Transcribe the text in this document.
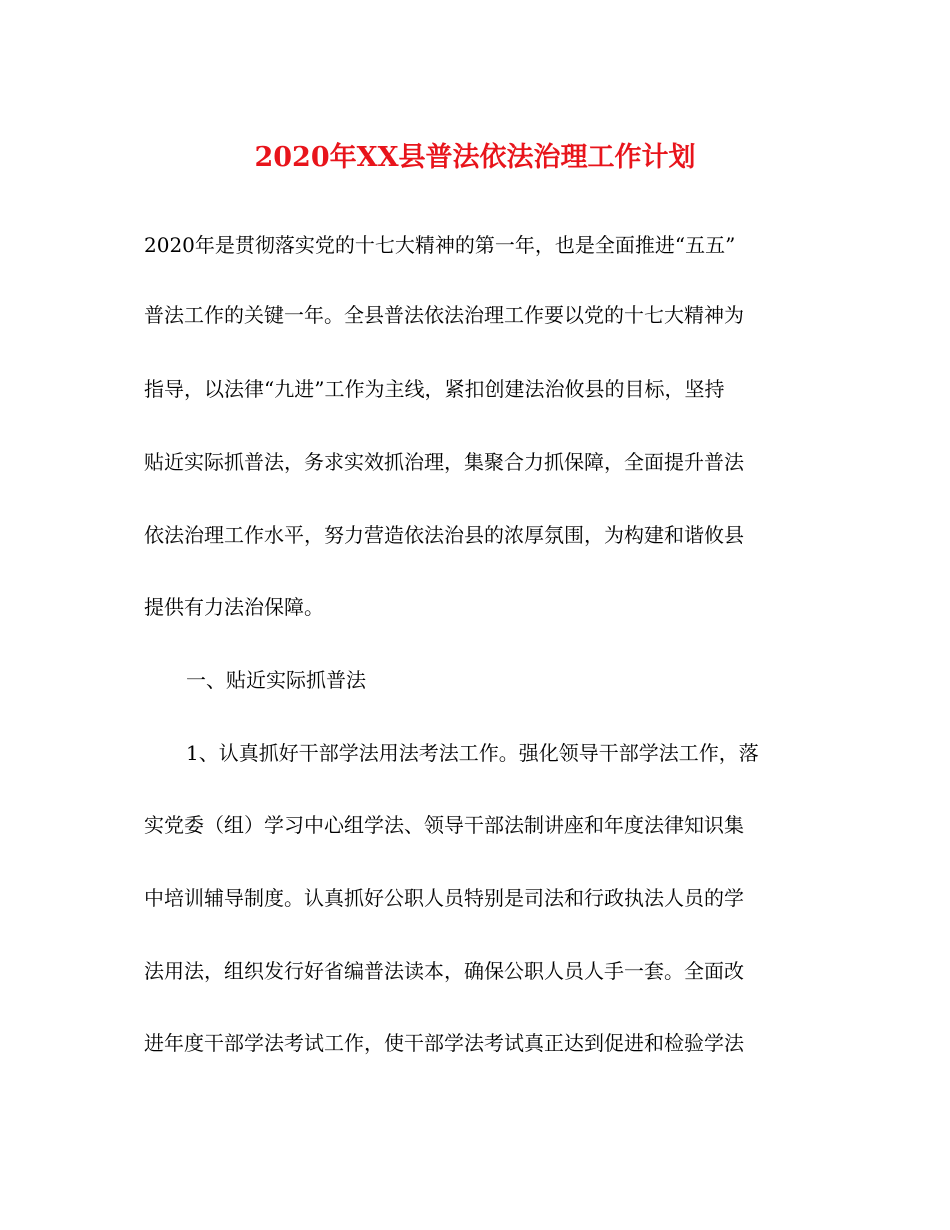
2020年XX县普法依法治理工作计划
2020年是贯彻落实党的十七大精神的第一年，也是全面推进“五五”
普法工作的关键一年。全县普法依法治理工作要以党的十七大精神为
指导，以法律“九进”工作为主线，紧扣创建法治攸县的目标，坚持
贴近实际抓普法，务求实效抓治理，集聚合力抓保障，全面提升普法
依法治理工作水平，努力营造依法治县的浓厚氛围，为构建和谐攸县
提供有力法治保障。
一、贴近实际抓普法
1、认真抓好干部学法用法考法工作。强化领导干部学法工作，落
实党委（组）学习中心组学法、领导干部法制讲座和年度法律知识集
中培训辅导制度。认真抓好公职人员特别是司法和行政执法人员的学
法用法，组织发行好省编普法读本，确保公职人员人手一套。全面改
进年度干部学法考试工作，使干部学法考试真正达到促进和检验学法
